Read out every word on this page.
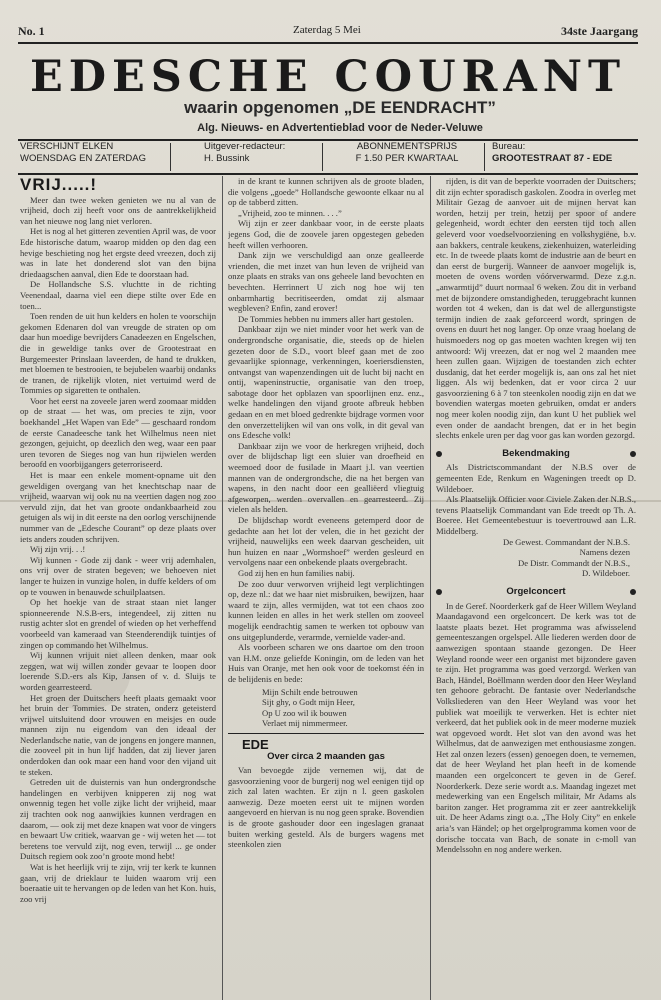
No. 1	Zaterdag 5 Mei	34ste Jaargang
EDESCHE COURANT
waarin opgenomen „DE EENDRACHT”
Alg. Nieuws- en Advertentieblad voor de Neder-Veluwe
VERSCHIJNT ELKEN
WOENSDAG EN ZATERDAG
Uitgever-redacteur:
H. Bussink
ABONNEMENTSPRIJS
F 1.50 PER KWARTAAL
Bureau:
GROOTESTRAAT 87 - EDE
VRIJ.....!

Meer dan twee weken genieten we nu al van de vrijheid, doch zij heeft voor ons de aantrekkelijkheid van het nieuwe nog lang niet verloren.

Het is nog al het gitteren zeventien April was, de voor Ede historische datum, waarop midden op den dag een hevige beschieting nog het ergste deed vreezen, doch zij was in late het donderend slot van den bijna driedaagschen aanval, dien Ede te doorstaan had.

De Hollandsche S.S. vluchtte in de richting Veenendaal, daarna viel een diepe stilte over Ede en toen...

Toen renden de uit hun kelders en holen te voorschijn gekomen Edenaren dol van vreugde de straten op om daar hun moedige bevrijders Canadeezen en Engelschen, die in geweldige tanks over de Grootestraat en Burgemeester Prinslaan laveerden, de hand te drukken, met bloemen te bestrooien, te bejubelen waarbij ondanks de tranen, de rijkelijk vloten, niet vertuimd werd de Tommies op sigaretten te onthalen.

Voor het eerst na zoveele jaren werd zoomaar midden op de straat — het was, om precies te zijn, voor boekhandel „Het Wapen van Ede” — geschaard rondom de eerste Canadeesche tank het Wilhelmus neen niet gezongen, gejuicht, op deezlich den weg, waar een paar uren tevoren de Sieges nog van hun rijwielen werden beroofd en voorbijgangers geterroriseerd.

Het is maar een enkele moment-opname uit den geweldigen overgang van het knechtschap naar de vrijheid, waarvan wij ook nu na veertien dagen nog zoo vervuld zijn, dat het van groote ondankbaarheid zou getuigen als wij in dit eerste na den oorlog verschijnende nummer van de „Edesche Courant” op deze plaats over iets anders zouden schrijven.

Wij zijn vrij. . .!

Wij kunnen - Gode zij dank - weer vrij ademhalen, ons vrij over de straten begeven; we behoeven niet langer te huizen in vunzige holen, in duffe kelders of om op te vouwen in benauwde schuilplaatsen.

Op het hoekje van de straat staan niet langer spionneerende N.S.B-ers, integendeel, zij zitten nu rustig achter slot en grendel of wieden op het verheffend voorbeeld van kameraad van Steenderendijk tuintjes of zingen op commando het Wilhelmus.

Wij kunnen vrijuit niet alleen denken, maar ook zeggen, wat wij willen zonder gevaar te loopen door loerende S.D.-ers als Kip, Jansen of v. d. Sluijs te worden gearresteerd.

Het groen der Duitschers heeft plaats gemaakt voor het bruin der Tommies. De straten, onderz geteisterd vrijwel uitsluitend door vrouwen en meisjes en oude mannen zijn nu eigendom van den ideaal der Nederlandsche natie, van de jongens en jongere mannen, die zooveel pit in hun lijf hadden, dat zij liever jaren onderdoken dan ook maar een hand voor den vijand uit te steken.

Getreden uit de duisternis van hun ondergrondsche handelingen en verbijven knipperen zij nog wat onwennig tegen het volle zijke licht der vrijheid, maar zij trachten ook nog aanwijkies kunnen verdragen en daarom, — ook zij met deze knapen wat voor de vingers en bewaart Uw critiek, waarvan ge - wij weten het — tot beretens toe vervuld zijt, nog even, terwijl ... ge onder Duitsch regiem ook zoo’n groote mond hebt!

Wat is het heerlijk vrij te zijn, vrij ter kerk te kunnen gaan, vrij de drieklaur te luiden waarom vrij een boeraatie uit te hervangen op de leden van het Kon. huis, zoo vrij

in de krant te kunnen schrijven als de groote bladen, die volgens „goede” Hollandsche gewoonte elkaar nu al op de tabberd zitten.

„Vrijheid, zoo te minnen. . . .”

Wij zijn er zeer dankbaar voor, in de eerste plaats jegens God, die de zoovele jaren opgestegen gebeden heeft willen verhooren.

Dank zijn we verschuldigd aan onze gealleerde vrienden, die met inzet van hun leven de vrijheid van onze plaats en straks van ons geheele land bevochten en bevechten. Herrinnert U zich nog hoe wij ten onbarmhartig becritiseerden, omdat zij alsmaar wegbleven? Enfin, zand erover!

De Tommies hebben nu immers aller hart gestolen.

Dankbaar zijn we niet minder voor het werk van de ondergrondsche organisatie, die, steeds op de hielen gezeten door de S.D., voort bleef gaan met de zoo gevaarlijke spionnage, verkenningen, koeriersdiensten, ontvangst van wapenzendingen uit de lucht bij nacht en ontij, wapeninstructie, organisatie van den troep, sabotage door het opblazen van spoorlijnen enz. enz., welke handelingen den vijand groote afbreuk hebben gedaan en en met bloed gedrenkte bijdrage vormen voor den onverzettelijken wil van ons volk, in dit geval van ons Edesche volk!

Dankbaar zijn we voor de herkregen vrijheid, doch over de blijdschap ligt een sluier van droefheid en weemoed door de fusilade in Maart j.l. van veertien mannen van de ondergrondsche, die na het bergen van wapens, in den nacht door een gealliëerd vliegtuig afgeworpen, werden overvallen en gearresteerd. Zij vielen als helden.

De blijdschap wordt eveneens getemperd door de gedachte aan het lot der velen, die in het gezicht der vrijheid, nauwelijks een week daarvan gescheiden, uit hun huizen en naar „Wormshoef” werden gesleurd en vervolgens naar een onbekende plaats overgebracht.

God zij hen en hun families nabij.

De zoo duur verworven vrijheid legt verplichtingen op, deze nl.: dat we haar niet misbruiken, bewijzen, haar waard te zijn, alles vermijden, wat tot een chaos zoo kunnen leiden en alles in het werk stellen om zooveel mogelijk eendrachtig samen te werken tot opbouw van ons uitgeplunderde, verarmde, vernielde vader-and.

Als voorbeen scharen we ons daartoe om den troon van H.M. onze geliefde Koningin, om de leden van het Huis van Oranje, met hen ook voor de toekomst één in de belijdenis en bede:

Mijn Schilt ende betrouwen
Sijt ghy, o Godt mijn Heer,
Op U zoo wil ik bouwen
Verlaet mij nimmermeer.
EDE
Over circa 2 maanden gas

Van bevoegde zijde vernemen wij, dat de gasvoorziening voor de burgerij nog wel eenigen tijd op zich zal laten wachten. Er zijn n l. geen gaskolen aanwezig. Deze moeten eerst uit te mijnen worden aangevoerd en hiervan is nu nog geen sprake. Bovendien is de groote gashouder door een ingeslagen granaat buiten werking gesteld. Als de burgers wagens met steenkolen zien

rijden, is dit van de beperkte voorraden der Duitschers; dit zijn echter sporadisch gaskolen. Zoodra in overleg met Militair Gezag de aanvoer uit de mijnen hervat kan worden, hetzij per trein, hetzij per spoor of andere gelegenheid, wordt echter den eersten tijd toch allen geleverd voor voedselvoorziening en volkshygiëne, b.v. aan bakkers, centrale keukens, ziekenhuizen, waterleiding etc. In de tweede plaats komt de industrie aan de beurt en dan eerst de burgerij. Wanneer de aanvoer mogelijk is, moeten de ovens worden vóórverwarmd. Deze z.g.n. „anwarmtijd” duurt normaal 6 weken. Zou dit in verband met de bijzondere omstandigheden, teruggebracht kunnen worden tot 4 weken, dan is dat wel de allergunstigste termijn indien de zaak geforceerd wordt, springen de ovens en duurt het nog langer. Op onze vraag hoelang de huismoeders nog op gas moeten wachten kregen wij ten antwoord: Wij vreezen, dat er nog wel 2 maanden mee heen zullen gaan. Wijzigen de toestanden zich echter dusdanig, dat het eerder mogelijk is, aan ons zal het niet liggen. Als wij bedenken, dat er voor circa 2 uur gasvoorziening 6 à 7 ton steenkolen noodig zijn en dat we bovendien watergas moeten gebruiken, omdat er anders nog meer kolen noodig zijn, dan kunt U het publiek wel even onder de aandacht brengen, dat er in het begin slechts enkele uren per dag voor gas kan worden gezorgd.

Bekendmaking

Als Districtscommandant der N.B.S over de gemeenten Ede, Renkum en Wageningen treedt op D. Wildeboer.

Als Plaatselijk Officier voor Civiele Zaken der N.B.S., tevens Plaatselijk Commandant van Ede treedt op Th. A. Boeree. Het Gemeentebestuur is toevertrouwd aan L.R. Middelberg.

De Gewest. Commandant der N.B.S.
Namens dezen
De Distr. Commandt der N.B.S.,
D. Wildeboer.
Orgelconcert

In de Geref. Noorderkerk gaf de Heer Willem Weyland Maandagavond een orgelconcert. De kerk was tot de laatste plaats bezet. Het programma was afwisselend gemeenteszangen orgelspel. Alle liederen werden door de aanwezigen spontaan staande gezongen. De Heer Weyland roonde weer een organist met bijzondere gaven te zijn. Het programma was goed verzorgd. Werken van Bach, Händel, Boëllmann werden door den Heer Weyland ten gehoore gebracht. De fantasie over Nederlandsche Volksliederen van den Heer Weyland was voor het publiek wat moeilijk te verwerken. Het is echter niet verkeerd, dat het publiek ook in de meer moderne muziek wat opgevoed wordt. Het slot van den avond was het Wilhelmus, dat de aanwezigen met enthousiasme zongen. Het zal onzen lezers (essen) genoegen doen, te vernemen, dat de heer Weyland het plan heeft in de komende maanden een orgelconcert te geven in de Geref. Noorderkerk. Deze serie wordt a.s. Maandag ingezet met medewerking van een Engelsch militair, Mr Adams als bariton zanger. Het programma zit er zeer aantrekkelijk uit. De heer Adams zingt o.a. „The Holy City” en enkele aria’s van Händel; op het orgelprogramma komen voor de dorische toccata van Bach, de sonate in c-moll van Mendelssohn en nog andere werken.
